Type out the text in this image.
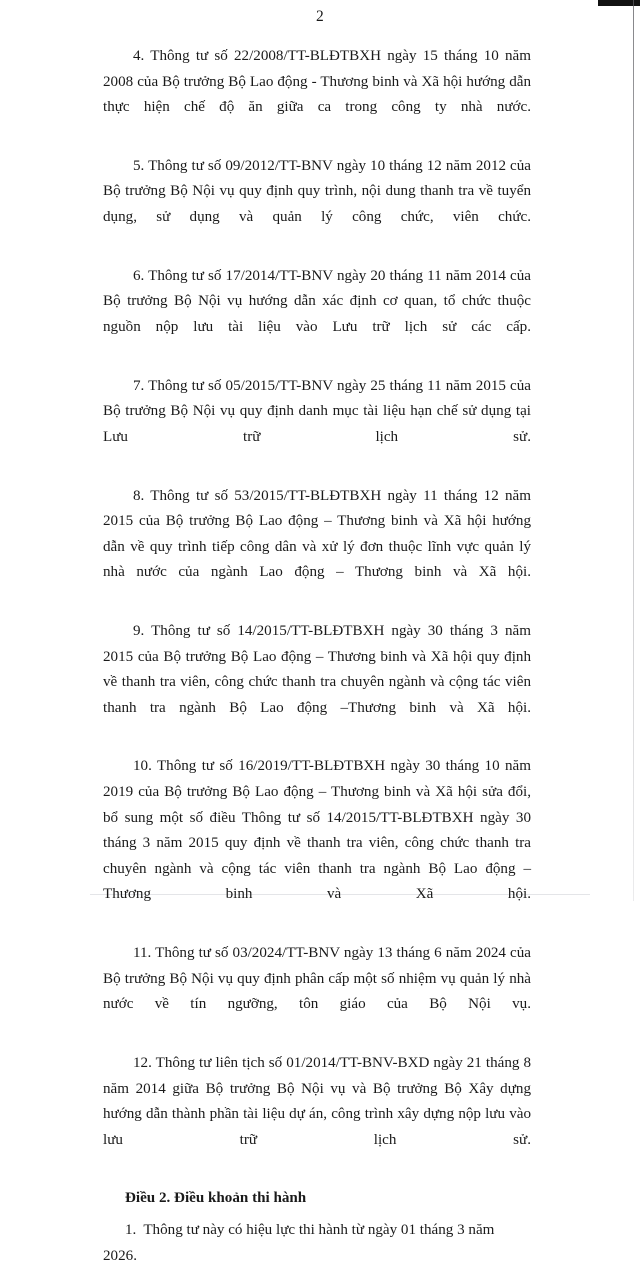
2

4. Thông tư số 22/2008/TT-BLĐTBXH ngày 15 tháng 10 năm 2008 của Bộ trưởng Bộ Lao động - Thương binh và Xã hội hướng dẫn thực hiện chế độ ăn giữa ca trong công ty nhà nước.

5. Thông tư số 09/2012/TT-BNV ngày 10 tháng 12 năm 2012 của Bộ trưởng Bộ Nội vụ quy định quy trình, nội dung thanh tra về tuyển dụng, sử dụng và quản lý công chức, viên chức.

6. Thông tư số 17/2014/TT-BNV ngày 20 tháng 11 năm 2014 của Bộ trưởng Bộ Nội vụ hướng dẫn xác định cơ quan, tổ chức thuộc nguồn nộp lưu tài liệu vào Lưu trữ lịch sử các cấp.

7. Thông tư số 05/2015/TT-BNV ngày 25 tháng 11 năm 2015 của Bộ trưởng Bộ Nội vụ quy định danh mục tài liệu hạn chế sử dụng tại Lưu trữ lịch sử.

8. Thông tư số 53/2015/TT-BLĐTBXH ngày 11 tháng 12 năm 2015 của Bộ trưởng Bộ Lao động – Thương binh và Xã hội hướng dẫn về quy trình tiếp công dân và xử lý đơn thuộc lĩnh vực quản lý nhà nước của ngành Lao động – Thương binh và Xã hội.

9. Thông tư số 14/2015/TT-BLĐTBXH ngày 30 tháng 3 năm 2015 của Bộ trưởng Bộ Lao động – Thương binh và Xã hội quy định về thanh tra viên, công chức thanh tra chuyên ngành và cộng tác viên thanh tra ngành Bộ Lao động –Thương binh và Xã hội.

10. Thông tư số 16/2019/TT-BLĐTBXH ngày 30 tháng 10 năm 2019 của Bộ trưởng Bộ Lao động – Thương binh và Xã hội sửa đổi, bổ sung một số điều Thông tư số 14/2015/TT-BLĐTBXH ngày 30 tháng 3 năm 2015 quy định về thanh tra viên, công chức thanh tra chuyên ngành và cộng tác viên thanh tra ngành Bộ Lao động –Thương binh và Xã hội.

11. Thông tư số 03/2024/TT-BNV ngày 13 tháng 6 năm 2024 của Bộ trưởng Bộ Nội vụ quy định phân cấp một số nhiệm vụ quản lý nhà nước về tín ngưỡng, tôn giáo của Bộ Nội vụ.

12. Thông tư liên tịch số 01/2014/TT-BNV-BXD ngày 21 tháng 8 năm 2014 giữa Bộ trưởng Bộ Nội vụ và Bộ trưởng Bộ Xây dựng hướng dẫn thành phần tài liệu dự án, công trình xây dựng nộp lưu vào lưu trữ lịch sử.

Điều 2. Điều khoản thi hành

1. Thông tư này có hiệu lực thi hành từ ngày 01 tháng 3 năm 2026.
